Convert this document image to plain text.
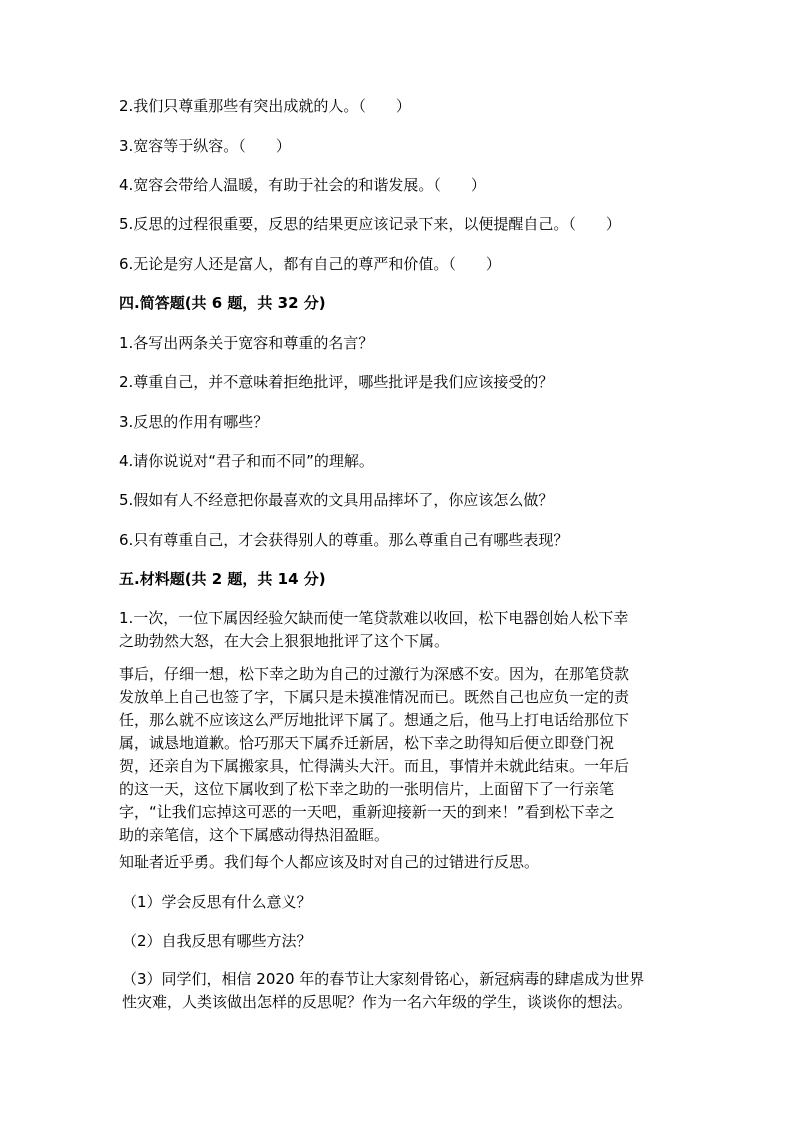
2.我们只尊重那些有突出成就的人。（　　）
3.宽容等于纵容。（　　）
4.宽容会带给人温暖，有助于社会的和谐发展。（　　）
5.反思的过程很重要，反思的结果更应该记录下来，以便提醒自己。（　　）
6.无论是穷人还是富人，都有自己的尊严和价值。（　　）
四.简答题(共 6 题，共 32 分)
1.各写出两条关于宽容和尊重的名言？
2.尊重自己，并不意味着拒绝批评，哪些批评是我们应该接受的？
3.反思的作用有哪些？
4.请你说说对“君子和而不同”的理解。
5.假如有人不经意把你最喜欢的文具用品摔坏了，你应该怎么做？
6.只有尊重自己，才会获得别人的尊重。那么尊重自己有哪些表现？
五.材料题(共 2 题，共 14 分)
1.一次，一位下属因经验欠缺而使一笔贷款难以收回，松下电器创始人松下幸
之助勃然大怒，在大会上狠狠地批评了这个下属。
事后，仔细一想，松下幸之助为自己的过激行为深感不安。因为，在那笔贷款
发放单上自己也签了字，下属只是未摸准情况而已。既然自己也应负一定的责
任，那么就不应该这么严厉地批评下属了。想通之后，他马上打电话给那位下
属，诚恳地道歉。恰巧那天下属乔迁新居，松下幸之助得知后便立即登门祝
贺，还亲自为下属搬家具，忙得满头大汗。而且，事情并未就此结束。一年后
的这一天，这位下属收到了松下幸之助的一张明信片，上面留下了一行亲笔
字，“让我们忘掉这可恶的一天吧，重新迎接新一天的到来！”看到松下幸之
助的亲笔信，这个下属感动得热泪盈眶。
知耻者近乎勇。我们每个人都应该及时对自己的过错进行反思。
（1）学会反思有什么意义？
（2）自我反思有哪些方法？
（3）同学们，相信 2020 年的春节让大家刻骨铭心，新冠病毒的肆虐成为世界
性灾难，人类该做出怎样的反思呢？作为一名六年级的学生，谈谈你的想法。
